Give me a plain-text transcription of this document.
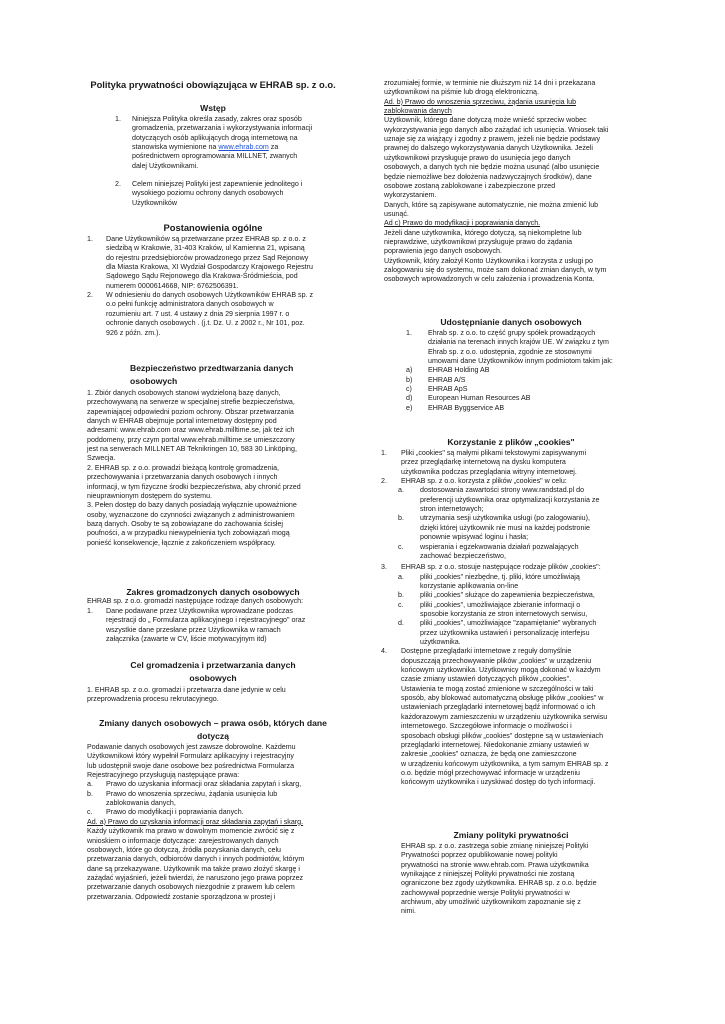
Polityka prywatności obowiązująca w EHRAB sp. z o.o.
Wstęp
1. Niniejsza Polityka określa zasady, zakres oraz sposób
gromadzenia, przetwarzania i wykorzystywania informacji
dotyczących osób aplikujących drogą internetową na
stanowiska wymienione na www.ehrab.com za
pośrednictwem oprogramowania MILLNET, zwanych
dalej Użytkownikami.
2. Celem niniejszej Polityki jest zapewnienie jednolitego i
wysokiego poziomu ochrony danych osobowych
Użytkowników
Postanowienia ogólne
1. Dane Użytkowników są przetwarzane przez EHRAB sp. z o.o. z
siedzibą w Krakowie, 31-403 Kraków, ul Kamienna 21, wpisaną
do rejestru przedsiębiorców prowadzonego przez Sąd Rejonowy
dla Miasta Krakowa, XI Wydział Gospodarczy Krajowego Rejestru
Sądowego Sądu Rejonowego dla Krakowa-Śródmieścia, pod
numerem 0000614668, NIP: 6762506391.
2. W odniesieniu do danych osobowych Użytkowników EHRAB sp. z
o.o pełni funkcję administratora danych osobowych w
rozumieniu art. 7 ust. 4 ustawy z dnia 29 sierpnia 1997 r. o
ochronie danych osobowych . (j.t. Dz. U. z 2002 r., Nr 101, poz.
926 z późn. zm.).
Bezpieczeństwo przedtwarzania danych
osobowych
1. Zbiór danych osobowych stanowi wydzieloną bazę danych,
przechowywaną na serwerze w specjalnej strefie bezpieczeństwa,
zapewniającej odpowiedni poziom ochrony. Obszar przetwarzania
danych w EHRAB obejmuje portal internetowy dostępny pod
adresami: www.ehrab.com oraz www.ehrab.milltime.se, jak też ich
poddomeny, przy czym portal www.ehrab.milltime.se umieszczony
jest na serwerach MILLNET AB Teknikringen 10, 583 30 Linköping,
Szwecja.
2. EHRAB sp. z o.o. prowadzi bieżącą kontrolę gromadzenia,
przechowywania i przetwarzania danych osobowych i innych
informacji, w tym fizyczne środki bezpieczeństwa, aby chronić przed
nieuprawnionym dostępem do systemu.
3. Pełen dostęp do bazy danych posiadają wyłącznie upoważnione
osoby, wyznaczone do czynności związanych z administrowaniem
bazą danych. Osoby te są zobowiązane do zachowania ścisłej
poufności, a w przypadku niewypełnienia tych zobowiązań mogą
ponieść konsekwencje, łącznie z zakończeniem współpracy.
Zakres gromadzonych danych osobowych
EHRAB sp. z o.o. gromadzi następujące rodzaje danych osobowych:
1. Dane podawane przez Użytkownika wprowadzane podczas
rejestracji do „ Formularza aplikacyjnego i rejestracyjnego" oraz
wszystkie dane przesłane przez Użytkownika w ramach
załącznika (zawarte w CV, liście motywacyjnym itd)
Cel gromadzenia i przetwarzania danych
osobowych
1. EHRAB sp. z o.o. gromadzi i przetwarza dane jedynie w celu
przeprowadzenia procesu rekrutacyjnego.
Zmiany danych osobowych – prawa osób, których dane
dotyczą
Podawanie danych osobowych jest zawsze dobrowolne. Każdemu
Użytkownikowi który wypełnił Formularz aplikacyjny i rejestracyjny
lub udostępnił swoje dane osobowe bez pośrednictwa Formularza
Rejestracyjnego przysługują następujące prawa:
a. Prawo do uzyskania informacji oraz składania zapytań i skarg,
b. Prawo do wnoszenia sprzeciwu, żądania usunięcia lub
zablokowania danych,
c. Prawo do modyfikacji i poprawiania danych.
Ad. a) Prawo do uzyskania informacji oraz składania zapytań i skarg.
Każdy użytkownik ma prawo w dowolnym momencie zwrócić się z
wnioskiem o informacje dotyczące: zarejestrowanych danych
osobowych, które go dotyczą, źródła pozyskania danych, celu
przetwarzania danych, odbiorców danych i innych podmiotów, którym
dane są przekazywane. Użytkownik ma także prawo złożyć skargę i
zażądać wyjaśnień, jeżeli twierdzi, że naruszono jego prawa poprzez
przetwarzanie danych osobowych niezgodnie z prawem lub celem
przetwarzania. Odpowiedź zostanie sporządzona w prostej i
zrozumiałej formie, w terminie nie dłuższym niż 14 dni i przekazana
użytkownikowi na piśmie lub drogą elektroniczną.
Ad. b) Prawo do wnoszenia sprzeciwu, żądania usunięcia lub
zablokowania danych
Użytkownik, którego dane dotyczą może wnieść sprzeciw wobec
wykorzystywania jego danych albo zażądać ich usunięcia. Wniosek taki
uznaje się za wiążący i zgodny z prawem, jeżeli nie będzie podstawy
prawnej do dalszego wykorzystywania danych Użytkownika. Jeżeli
użytkownikowi przysługuje prawo do usunięcia jego danych
osobowych, a danych tych nie będzie można usunąć (albo usunięcie
będzie niemożliwe bez dołożenia nadzwyczajnych środków), dane
osobowe zostaną zablokowane i zabezpieczone przed
wykorzystaniem.
Danych, które są zapisywane automatycznie, nie można zmienić lub
usunąć.
Ad c) Prawo do modyfikacji i poprawiania danych.
Jeżeli dane użytkownika, którego dotyczą, są niekompletne lub
nieprawdziwe, użytkownikowi przysługuje prawo do żądania
poprawienia jego danych osobowych.
Użytkownik, który założył Konto Użytkownika i korzysta z usługi po
zalogowaniu się do systemu, może sam dokonać zmian danych, w tym
osobowych wprowadzonych w celu założenia i prowadzenia Konta.
Udostępnianie danych osobowych
1. Ehrab sp. z o.o. to część grupy spółek prowadzących
działania na terenach innych krajów UE. W związku z tym
Ehrab sp. z o.o. udostępnia, zgodnie ze stosownymi
umowami dane Użytkowników innym podmiotom takim jak:
a) EHRAB Holding AB
b) EHRAB A/S
c) EHRAB ApS
d) European Human Resources AB
e) EHRAB Byggservice AB
Korzystanie z plików „cookies"
1. Pliki „cookies" są małymi plikami tekstowymi zapisywanymi
przez przeglądarkę internetową na dysku komputera
użytkownika podczas przeglądania witryny internetowej.
2. EHRAB sp. z o.o. korzysta z plików „cookies" w celu:
a. dostosowania zawartości strony www.randstad.pl do
preferencji użytkownika oraz optymalizacji korzystania ze
stron internetowych;
b. utrzymania sesji użytkownika usługi (po zalogowaniu),
dzięki której użytkownik nie musi na każdej podstronie
ponownie wpisywać loginu i hasła;
c. wspierania i egzekwowania działań pozwalających
zachować bezpieczeństwo,
3. EHRAB sp. z o.o. stosuje następujące rodzaje plików „cookies":
a. pliki „cookies" niezbędne, tj. pliki, które umożliwiają
korzystanie aplikowania on-line
b. pliki „cookies" służące do zapewnienia bezpieczeństwa,
c. pliki „cookies", umożliwiające zbieranie informacji o
sposobie korzystania ze stron internetowych serwisu,
d. pliki „cookies", umożliwiające "zapamiętanie" wybranych
przez użytkownika ustawień i personalizację interfejsu
użytkownika.
4. Dostępne przeglądarki internetowe z reguły domyślnie
dopuszczają przechowywanie plików „cookies" w urządzeniu
końcowym użytkownika. Użytkownicy mogą dokonać w każdym
czasie zmiany ustawień dotyczących plików „cookies".
Ustawienia te mogą zostać zmienione w szczególności w taki
sposób, aby blokować automatyczną obsługę plików „cookies" w
ustawieniach przeglądarki internetowej bądź informować o ich
każdorazowym zamieszczeniu w urządzeniu użytkownika serwisu
internetowego. Szczegółowe informacje o możliwości i
sposobach obsługi plików „cookies" dostępne są w ustawieniach
przeglądarki internetowej. Niedokonanie zmiany ustawień w
zakresie „cookies" oznacza, że będą one zamieszczone
w urządzeniu końcowym użytkownika, a tym samym EHRAB sp. z
o.o. będzie mógł przechowywać informacje w urządzeniu
końcowym użytkownika i uzyskiwać dostęp do tych informacji.
Zmiany polityki prywatności
EHRAB sp. z o.o. zastrzega sobie zmianę niniejszej Polityki
Prywatności poprzez opublikowanie nowej polityki
prywatności na stronie www.ehrab.com. Prawa użytkownika
wynikające z niniejszej Polityki prywatności nie zostaną
ograniczone bez zgody użytkownika. EHRAB sp. z o.o. będzie
zachowywał poprzednie wersje Polityki prywatności w
archiwum, aby umożliwić użytkownikom zapoznanie się z
nimi.
